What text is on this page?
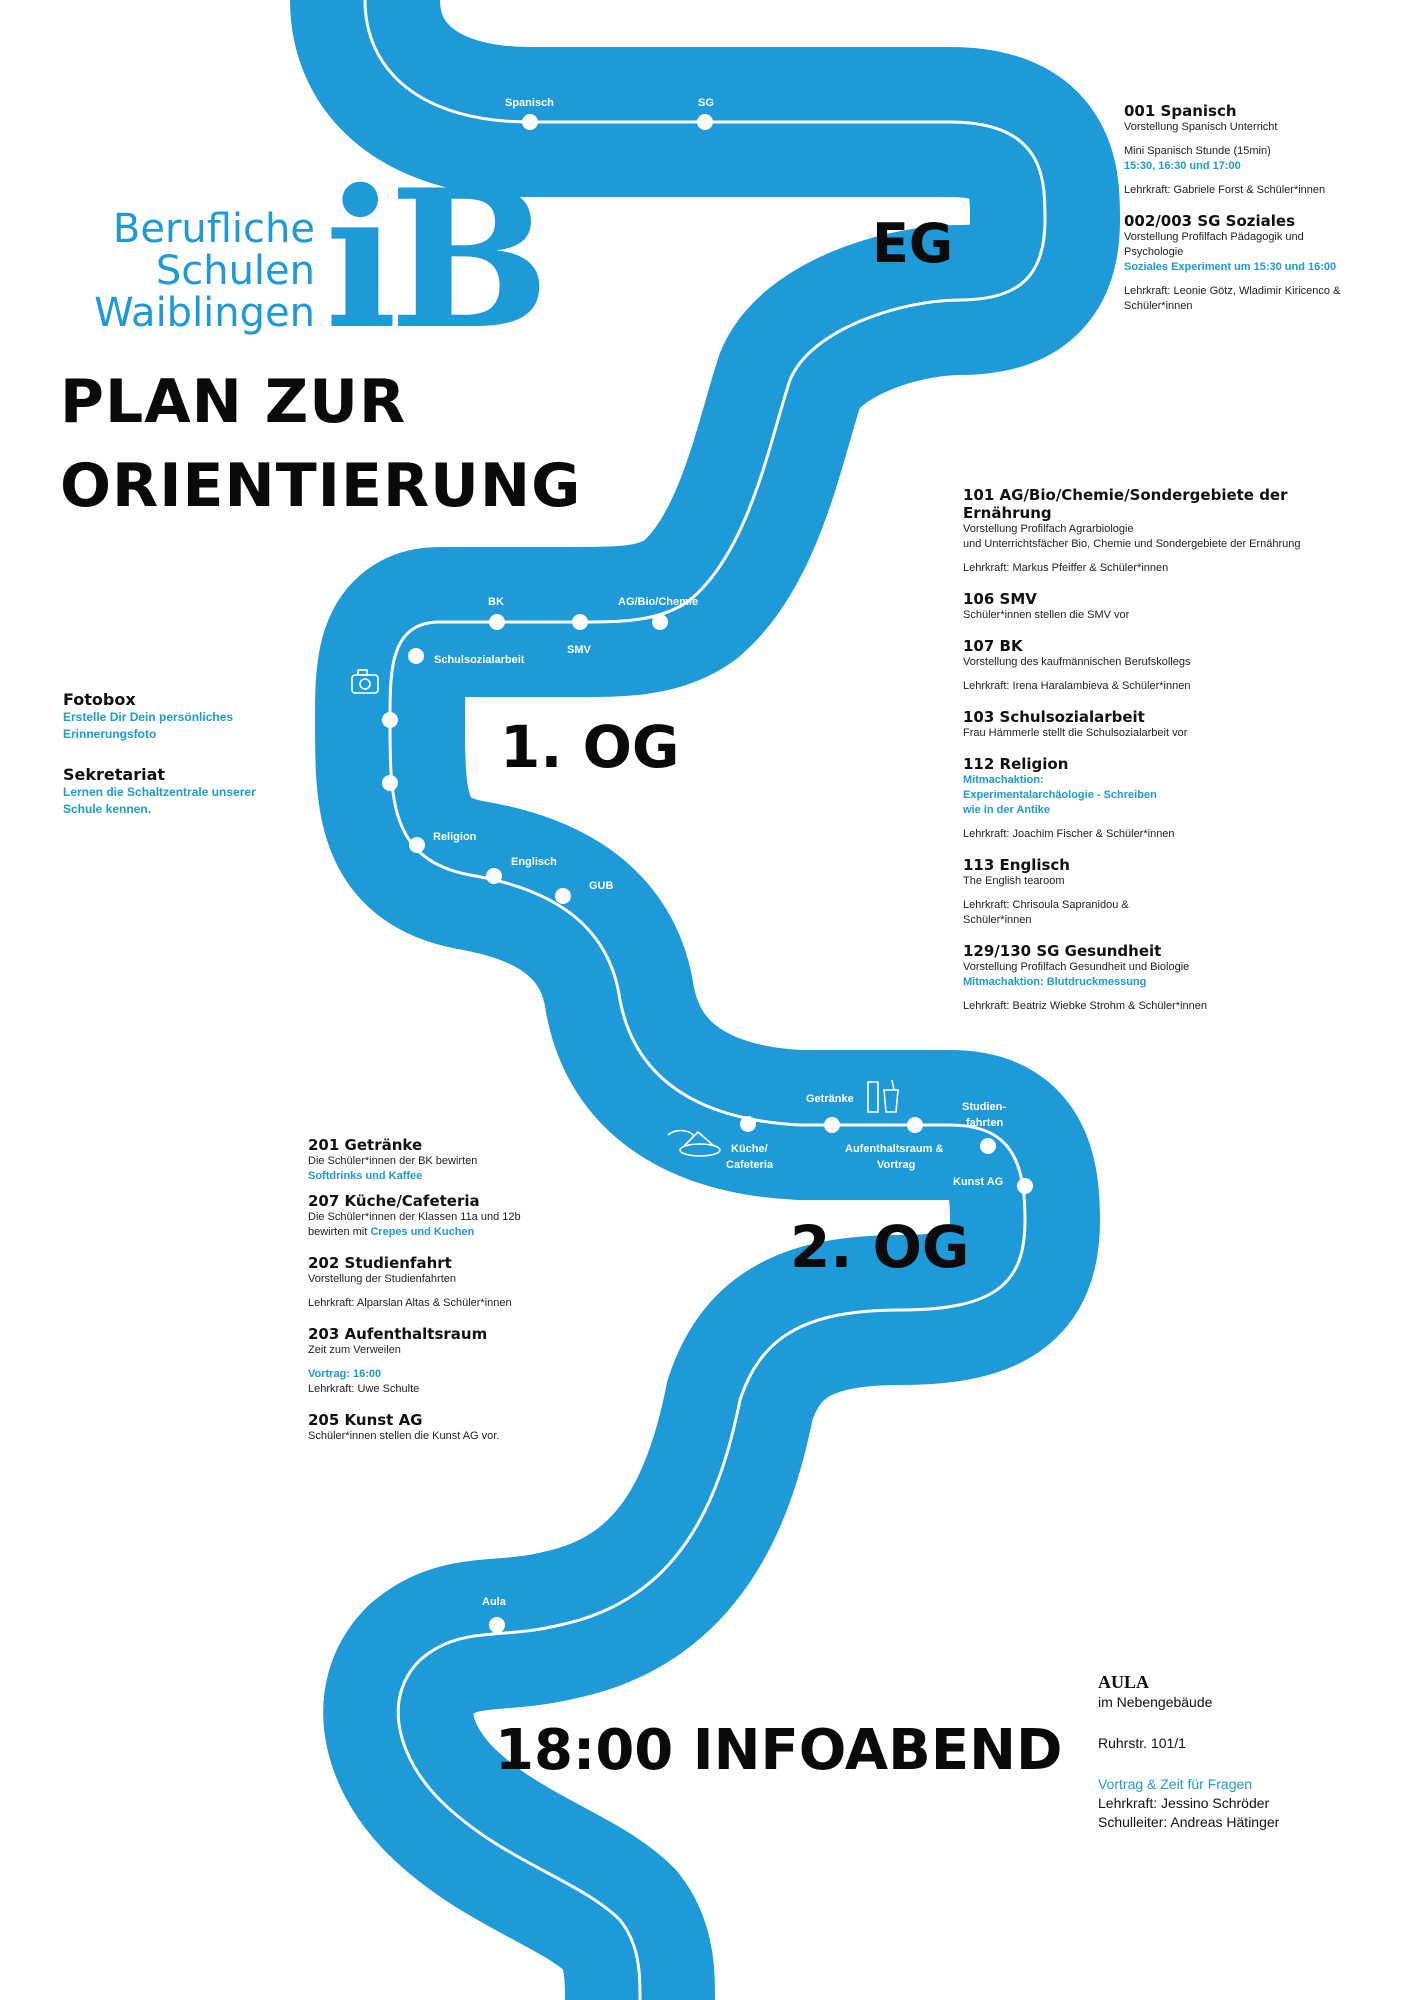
Spanisch	SG
BK	AG/Bio/Chemie
SMV
Schulsozialarbeit
Religion
Englisch
GUB
Getränke
Studien-
fahrten
Küche/
Cafeteria
Aufenthaltsraum &
Vortrag
Kunst AG
Aula
Berufliche
Schulen
Waiblingen iB
PLAN ZUR
ORIENTIERUNG
EG
1. OG
2. OG
18:00 INFOABEND
001 Spanisch

Vorstellung Spanisch Unterricht

Mini Spanisch Stunde (15min)

15:30, 16:30 und 17:00

Lehrkraft: Gabriele Forst & Schüler*innen

002/003 SG Soziales

Vorstellung Profilfach Pädagogik und

Psychologie

Soziales Experiment um 15:30 und 16:00

Lehrkraft: Leonie Götz, Wladimir Kiricenco &

Schüler*innen

101 AG/Bio/Chemie/Sondergebiete der Ernährung

Vorstellung Profilfach Agrarbiologie

und Unterrichtsfächer Bio, Chemie und Sondergebiete der Ernährung

Lehrkraft: Markus Pfeiffer & Schüler*innen

106 SMV

Schüler*innen stellen die SMV vor

107 BK

Vorstellung des kaufmännischen Berufskollegs

Lehrkraft: Irena Haralambieva & Schüler*innen

103 Schulsozialarbeit

Frau Hämmerle stellt die Schulsozialarbeit vor

112 Religion

Mitmachaktion:

Experimentalarchäologie - Schreiben

wie in der Antike

Lehrkraft: Joachim Fischer & Schüler*innen

113 Englisch

The English tearoom

Lehrkraft: Chrisoula Sapranidou &

Schüler*innen

129/130 SG Gesundheit

Vorstellung Profilfach Gesundheit und Biologie

Mitmachaktion: Blutdruckmessung

Lehrkraft: Beatriz Wiebke Strohm & Schüler*innen

Fotobox

Erstelle Dir Dein persönliches

Erinnerungsfoto

Sekretariat

Lernen die Schaltzentrale unserer

Schule kennen.

201 Getränke

Die Schüler*innen der BK bewirten

Softdrinks und Kaffee

207 Küche/Cafeteria

Die Schüler*innen der Klassen 11a und 12b

bewirten mit Crepes und Kuchen

202 Studienfahrt

Vorstellung der Studienfahrten

Lehrkraft: Alparslan Altas & Schüler*innen

203 Aufenthaltsraum

Zeit zum Verweilen

Vortrag: 16:00

Lehrkraft: Uwe Schulte

205 Kunst AG

Schüler*innen stellen die Kunst AG vor.

AULA

im Nebengebäude

Ruhrstr. 101/1

Vortrag & Zeit für Fragen

Lehrkraft: Jessino Schröder

Schulleiter: Andreas Hätinger
